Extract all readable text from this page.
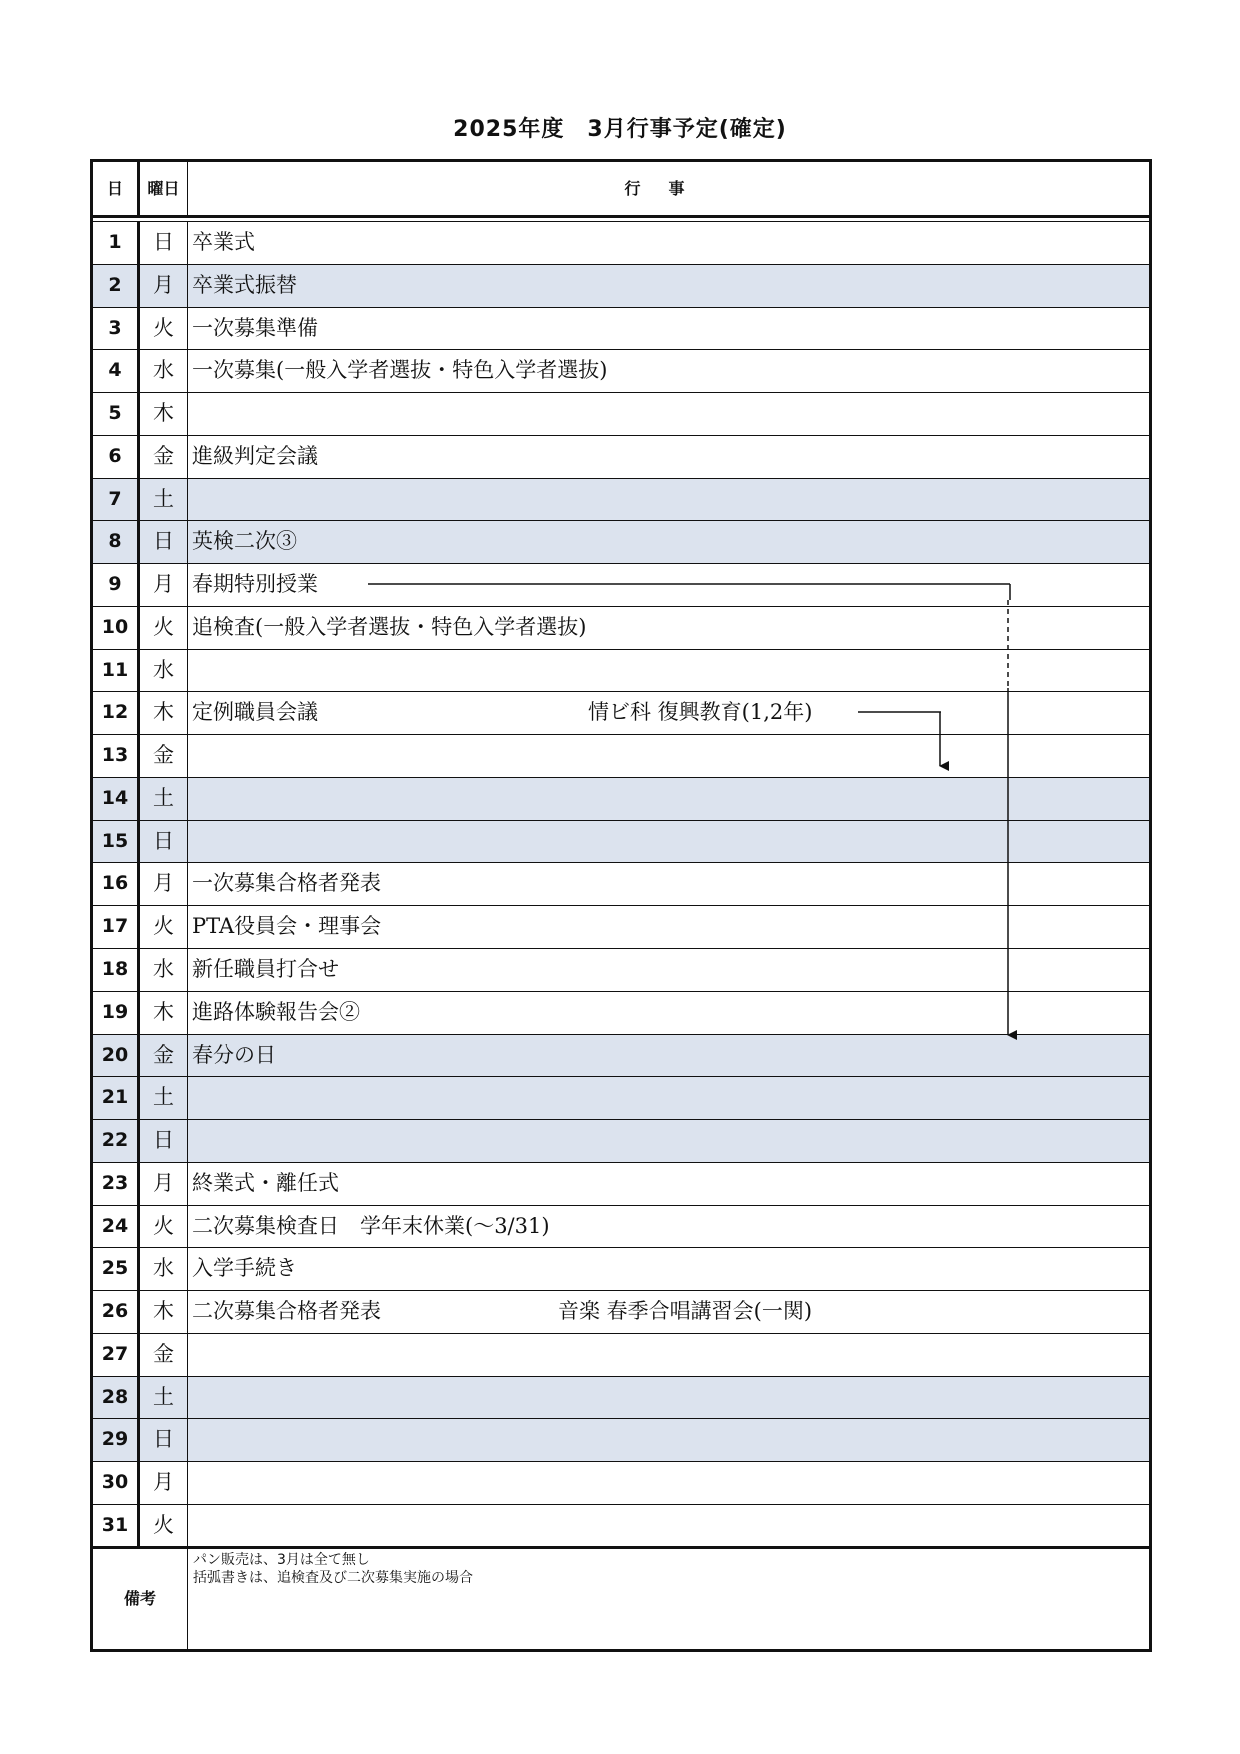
2025年度　3月行事予定(確定)
日	曜日	行事
1	日 卒業式
2	月 卒業式振替
3	火 一次募集準備
4	水 一次募集(一般入学者選抜・特色入学者選抜)
5	木
6	金 進級判定会議
7	土
8	日 英検二次③
9	月 春期特別授業
10	火 追検査(一般入学者選抜・特色入学者選抜)
11	水
12	木 定例職員会議	情ビ科 復興教育(1,2年)
13	金
14	土
15	日
16	月 一次募集合格者発表
17	火 PTA役員会・理事会
18	水 新任職員打合せ
19	木 進路体験報告会②
20	金 春分の日
21	土
22	日
23	月 終業式・離任式
24	火 二次募集検査日　学年末休業(～3/31)
25	水 入学手続き
26	木 二次募集合格者発表	音楽 春季合唱講習会(一関)
27	金
28	土
29	日
30	月
31	火
備考
パン販売は、3月は全て無し
括弧書きは、追検査及び二次募集実施の場合
